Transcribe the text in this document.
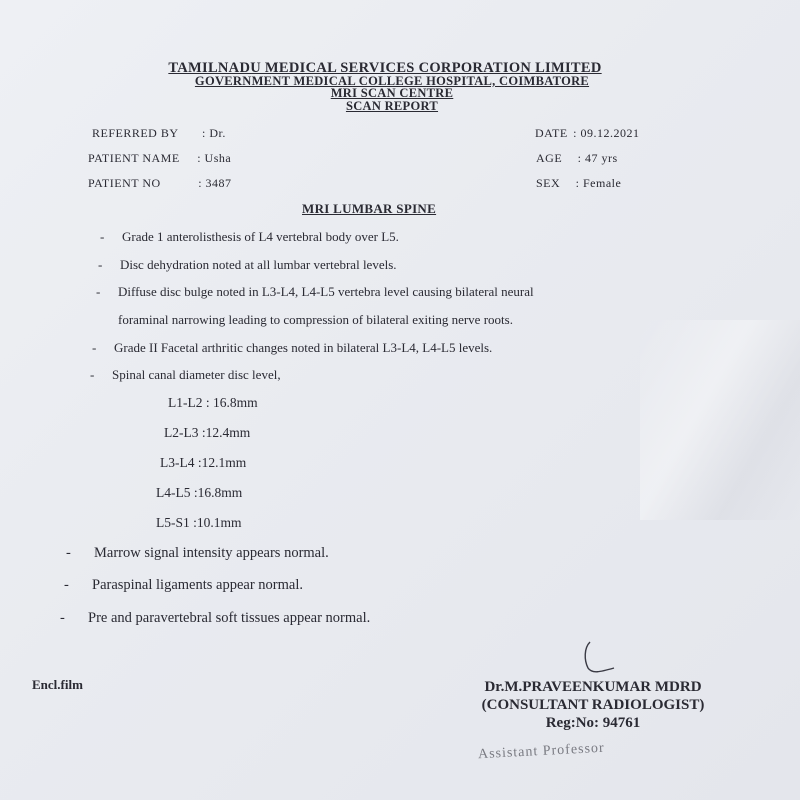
TAMILNADU MEDICAL SERVICES CORPORATION LIMITED
GOVERNMENT MEDICAL COLLEGE HOSPITAL, COIMBATORE
MRI SCAN CENTRE
SCAN REPORT
REFERRED BY : Dr.
PATIENT NAME : Usha
PATIENT NO	: 3487
DATE : 09.12.2021
AGE : 47 yrs
SEX : Female
MRI LUMBAR SPINE
- Grade 1 anterolisthesis of L4 vertebral body over L5.
- Disc dehydration noted at all lumbar vertebral levels.
- Diffuse disc bulge noted in L3-L4, L4-L5 vertebra level causing bilateral neural
foraminal narrowing leading to compression of bilateral exiting nerve roots.
- Grade II Facetal arthritic changes noted in bilateral L3-L4, L4-L5 levels.
- Spinal canal diameter disc level,
L1-L2 : 16.8mm
L2-L3 :12.4mm
L3-L4 :12.1mm
L4-L5 :16.8mm
L5-S1 :10.1mm
- Marrow signal intensity appears normal.
- Paraspinal ligaments appear normal.
- Pre and paravertebral soft tissues appear normal.
Encl.film	Dr.M.PRAVEENKUMAR MDRD
(CONSULTANT RADIOLOGIST)
Reg:No: 94761
Assistant Professor
